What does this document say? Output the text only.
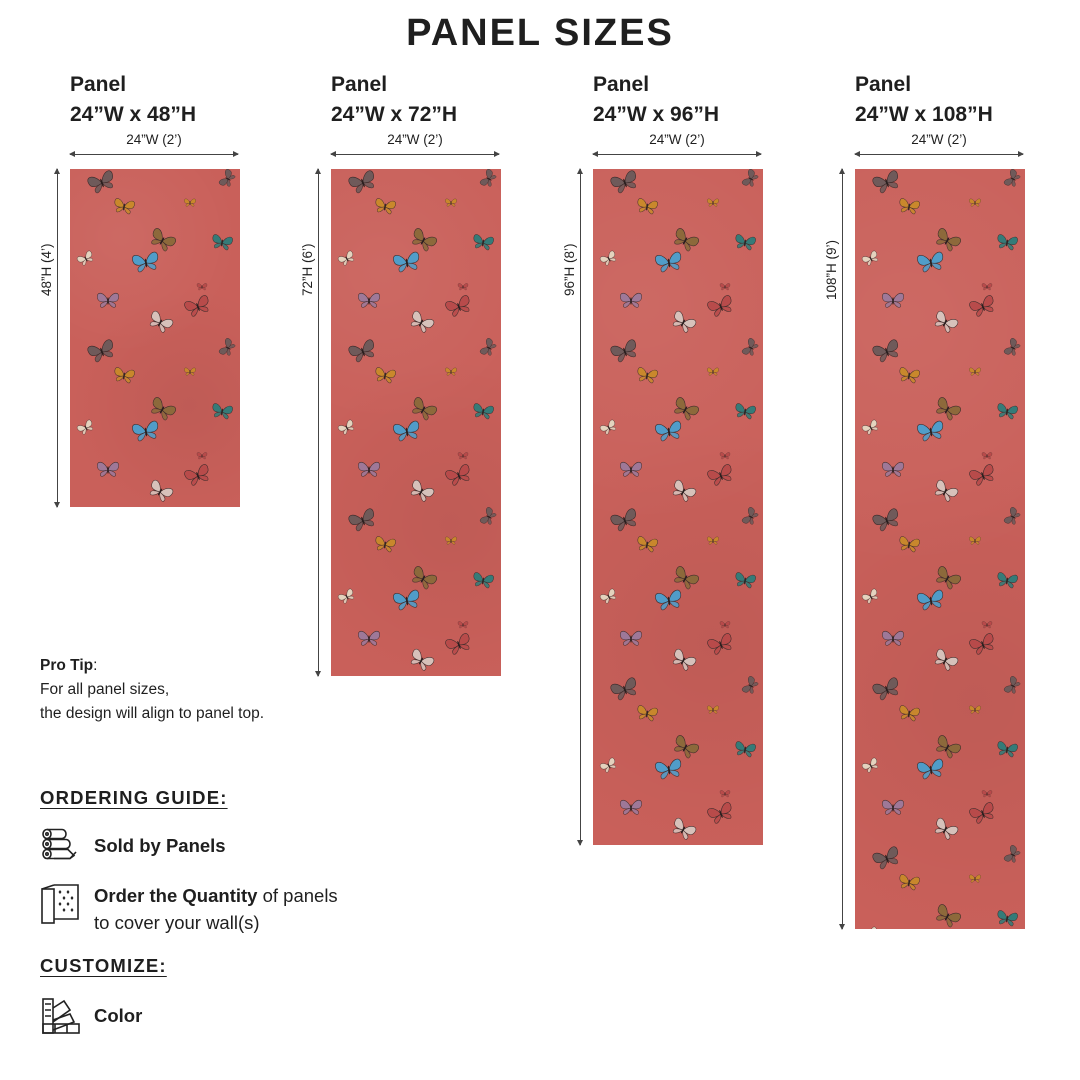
PANEL SIZES
Panel
24”W x 48”H
24”W (2’)
48”H (4’)
Panel
24”W x 72”H
24”W (2’)
72”H (6’)
Panel
24”W x 96”H
24”W (2’)
96”H (8’)
Panel
24”W x 108”H
24”W (2’)
108”H (9’)
Pro Tip:
For all panel sizes,
the design will align to panel top.
ORDERING GUIDE:
Sold by Panels
Order the Quantity of panels
to cover your wall(s)
CUSTOMIZE:
Color
